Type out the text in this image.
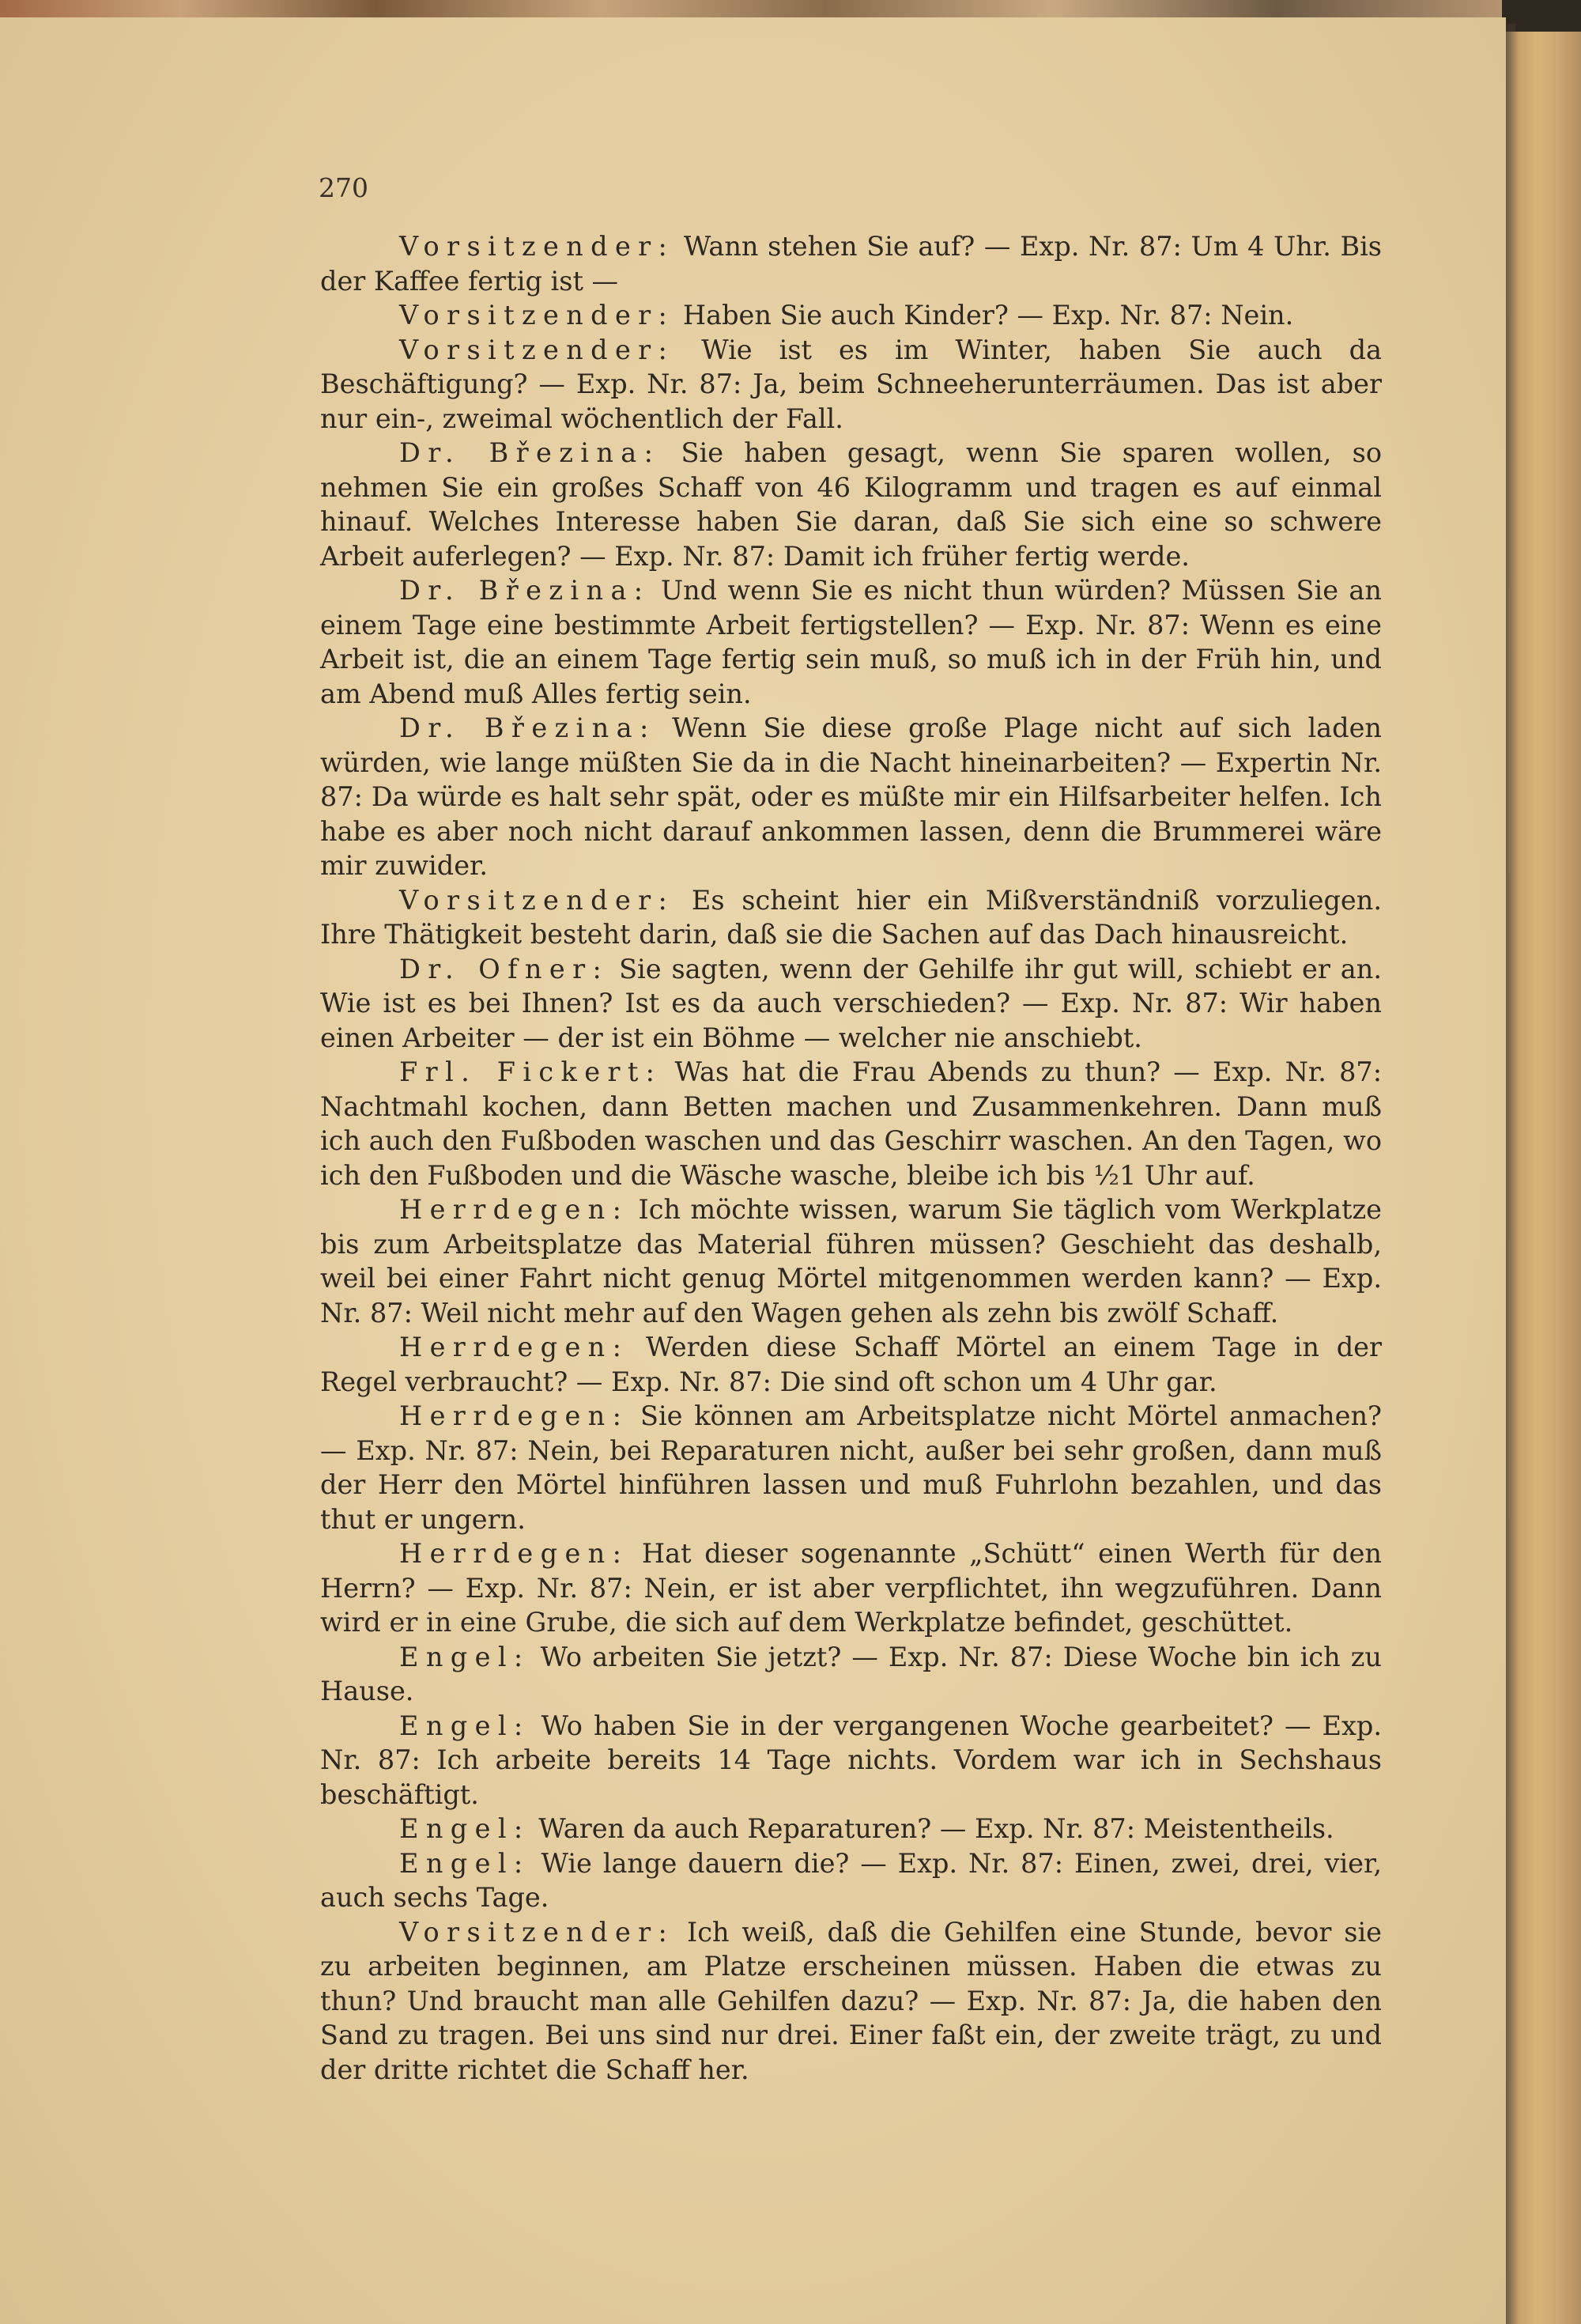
270

Vorsitzender: Wann stehen Sie auf? — Exp. Nr. 87: Um 4 Uhr. Bis der Kaffee fertig ist —

Vorsitzender: Haben Sie auch Kinder? — Exp. Nr. 87: Nein.

Vorsitzender: Wie ist es im Winter, haben Sie auch da Beschäftigung? — Exp. Nr. 87: Ja, beim Schneeherunterräumen. Das ist aber nur ein-, zweimal wöchentlich der Fall.

Dr. Březina: Sie haben gesagt, wenn Sie sparen wollen, so nehmen Sie ein großes Schaff von 46 Kilogramm und tragen es auf einmal hinauf. Welches Interesse haben Sie daran, daß Sie sich eine so schwere Arbeit auferlegen? — Exp. Nr. 87: Damit ich früher fertig werde.

Dr. Březina: Und wenn Sie es nicht thun würden? Müssen Sie an einem Tage eine bestimmte Arbeit fertigstellen? — Exp. Nr. 87: Wenn es eine Arbeit ist, die an einem Tage fertig sein muß, so muß ich in der Früh hin, und am Abend muß Alles fertig sein.

Dr. Březina: Wenn Sie diese große Plage nicht auf sich laden würden, wie lange müßten Sie da in die Nacht hineinarbeiten? — Expertin Nr. 87: Da würde es halt sehr spät, oder es müßte mir ein Hilfsarbeiter helfen. Ich habe es aber noch nicht darauf ankommen lassen, denn die Brummerei wäre mir zuwider.

Vorsitzender: Es scheint hier ein Mißverständniß vorzuliegen. Ihre Thätigkeit besteht darin, daß sie die Sachen auf das Dach hinausreicht.

Dr. Ofner: Sie sagten, wenn der Gehilfe ihr gut will, schiebt er an. Wie ist es bei Ihnen? Ist es da auch verschieden? — Exp. Nr. 87: Wir haben einen Arbeiter — der ist ein Böhme — welcher nie anschiebt.

Frl. Fickert: Was hat die Frau Abends zu thun? — Exp. Nr. 87: Nachtmahl kochen, dann Betten machen und Zusammenkehren. Dann muß ich auch den Fußboden waschen und das Geschirr waschen. An den Tagen, wo ich den Fußboden und die Wäsche wasche, bleibe ich bis ½1 Uhr auf.

Herrdegen: Ich möchte wissen, warum Sie täglich vom Werkplatze bis zum Arbeitsplatze das Material führen müssen? Geschieht das deshalb, weil bei einer Fahrt nicht genug Mörtel mitgenommen werden kann? — Exp. Nr. 87: Weil nicht mehr auf den Wagen gehen als zehn bis zwölf Schaff.

Herrdegen: Werden diese Schaff Mörtel an einem Tage in der Regel verbraucht? — Exp. Nr. 87: Die sind oft schon um 4 Uhr gar.

Herrdegen: Sie können am Arbeitsplatze nicht Mörtel anmachen? — Exp. Nr. 87: Nein, bei Reparaturen nicht, außer bei sehr großen, dann muß der Herr den Mörtel hinführen lassen und muß Fuhrlohn bezahlen, und das thut er ungern.

Herrdegen: Hat dieser sogenannte „Schütt“ einen Werth für den Herrn? — Exp. Nr. 87: Nein, er ist aber verpflichtet, ihn wegzuführen. Dann wird er in eine Grube, die sich auf dem Werkplatze befindet, geschüttet.

Engel: Wo arbeiten Sie jetzt? — Exp. Nr. 87: Diese Woche bin ich zu Hause.

Engel: Wo haben Sie in der vergangenen Woche gearbeitet? — Exp. Nr. 87: Ich arbeite bereits 14 Tage nichts. Vordem war ich in Sechshaus beschäftigt.

Engel: Waren da auch Reparaturen? — Exp. Nr. 87: Meistentheils.

Engel: Wie lange dauern die? — Exp. Nr. 87: Einen, zwei, drei, vier, auch sechs Tage.

Vorsitzender: Ich weiß, daß die Gehilfen eine Stunde, bevor sie zu arbeiten beginnen, am Platze erscheinen müssen. Haben die etwas zu thun? Und braucht man alle Gehilfen dazu? — Exp. Nr. 87: Ja, die haben den Sand zu tragen. Bei uns sind nur drei. Einer faßt ein, der zweite trägt, zu und der dritte richtet die Schaff her.
